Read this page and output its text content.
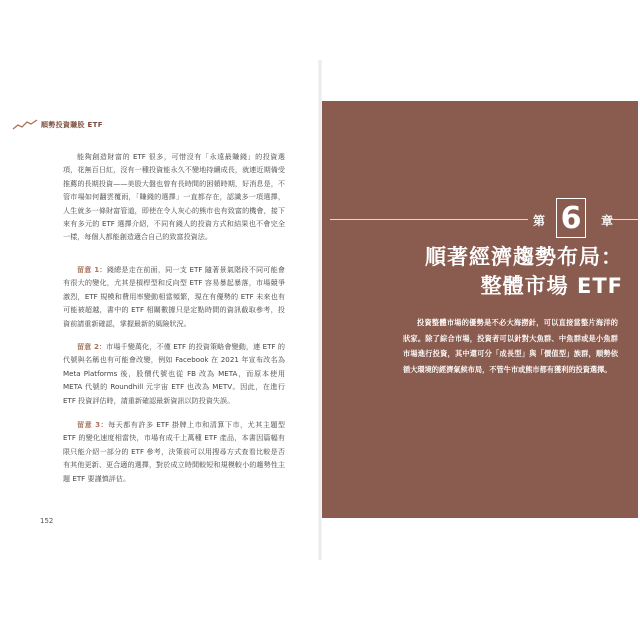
順勢投資賺股 ETF

能夠創造財富的 ETF 很多，可惜沒有「永遠最賺錢」的投資選項，花無百日紅，沒有一種投資能永久不變地持續成長，就連近期備受推薦的長期投資——美股大盤也曾有長時間的困頓時期，好消息是，不管市場如何翻雲覆雨，「賺錢的選擇」一直都存在，認識多一項選擇，人生就多一條財富管道，即使在令人灰心的熊市也有致富的機會，接下來有多元的 ETF 選擇介紹，不同有錢人的投資方式和結果也不會完全一樣，每個人都能創造適合自己的致富投資法。

留意 1：錢總是走在前面，同一支 ETF 隨著景氣階段不同可能會有很大的變化，尤其是槓桿型和反向型 ETF 容易暴起暴落，市場競爭激烈，ETF 規模和費用率變動相當頻繁，現在有優勢的 ETF 未來也有可能被超越，書中的 ETF 相關數據只是定點時間的資訊截取參考，投資前請重新確認，掌握最新的風險狀況。

留意 2：市場千變萬化，不僅 ETF 的投資策略會變動，連 ETF 的代號與名稱也有可能會改變，例如 Facebook 在 2021 年宣布改名為 Meta Platforms 後，股價代號也從 FB 改為 META，而原本使用 META 代號的 Roundhill 元宇宙 ETF 也改為 METV。因此，在進行 ETF 投資評估時，請重新確認最新資訊以防投資失誤。

留意 3：每天都有許多 ETF 掛牌上市和清算下市，尤其主題型 ETF 的變化速度相當快，市場有成千上萬種 ETF 產品，本書因篇幅有限只能介紹一部分的 ETF 參考，決策前可以用搜尋方式查看比較是否有其他更新、更合適的選擇，對於成立時間較短和規模較小的趨勢性主題 ETF 要謹慎評估。

152
第 6	章
順著經濟趨勢布局：
整體市場 ETF

投資整體市場的優勢是不必大海撈針，可以直接當整片海洋的狀家。除了綜合市場，投資者可以針對大魚群、中魚群或是小魚群市場進行投資，其中還可分「成長型」與「價值型」族群，順勢依循大環境的經濟氣候布局，不管牛市或熊市都有獲利的投資選擇。
